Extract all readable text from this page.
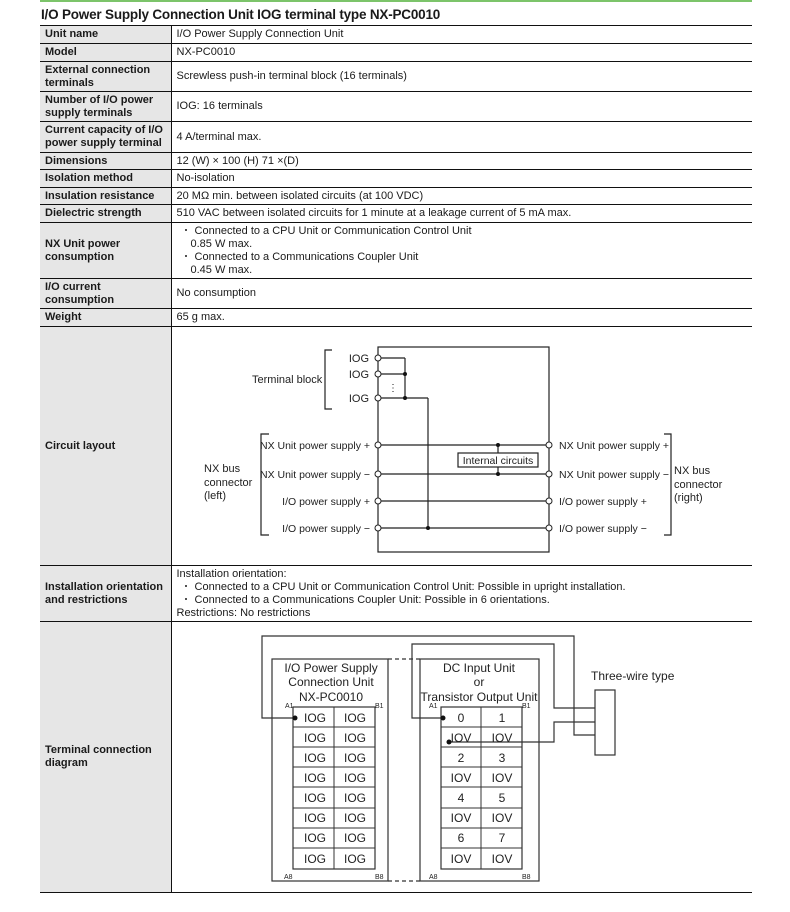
I/O Power Supply Connection Unit IOG terminal type NX-PC0010
Unit name	I/O Power Supply Connection Unit
Model	NX-PC0010
External connection terminals	Screwless push-in terminal block (16 terminals)
Number of I/O power supply terminals	IOG: 16 terminals
Current capacity of I/O power supply terminal	4 A/terminal max.
Dimensions	12 (W) × 100 (H) 71 ×(D)
Isolation method	No-isolation
Insulation resistance	20 MΩ min. between isolated circuits (at 100 VDC)
Dielectric strength	510 VAC between isolated circuits for 1 minute at a leakage current of 5 mA max.
NX Unit power consumption	・ Connected to a CPU Unit or Communication Control Unit
0.85 W max.
・ Connected to a Communications Coupler Unit
0.45 W max.

I/O current consumption	No consumption
Weight	65 g max.
Circuit layout	
Internal circuits
IOG
IOG
IOG
⋮
Terminal block
NX Unit power supply +
NX Unit power supply −
I/O power supply +
I/O power supply −
NX bus
connector
(left)
NX Unit power supply +
NX Unit power supply −
I/O power supply +
I/O power supply −
NX bus
connector
(right)

Installation orientation and restrictions	Installation orientation:
・ Connected to a CPU Unit or Communication Control Unit: Possible in upright installation.
・ Connected to a Communications Coupler Unit: Possible in 6 orientations.
Restrictions: No restrictions

Terminal connection diagram	
I/O Power Supply
Connection Unit
NX-PC0010
A1	B1
A8	B8
DC Input Unit
or
Transistor Output Unit
A1	B1
A8	B8
IOG IOG
IOG IOG
IOG IOG
IOG IOG
IOG IOG
IOG IOG
IOG IOG
IOG IOG
0	1
IOV IOV
2	3
IOV IOV
4	5
IOV IOV
6	7
IOV IOV
Three-wire type
